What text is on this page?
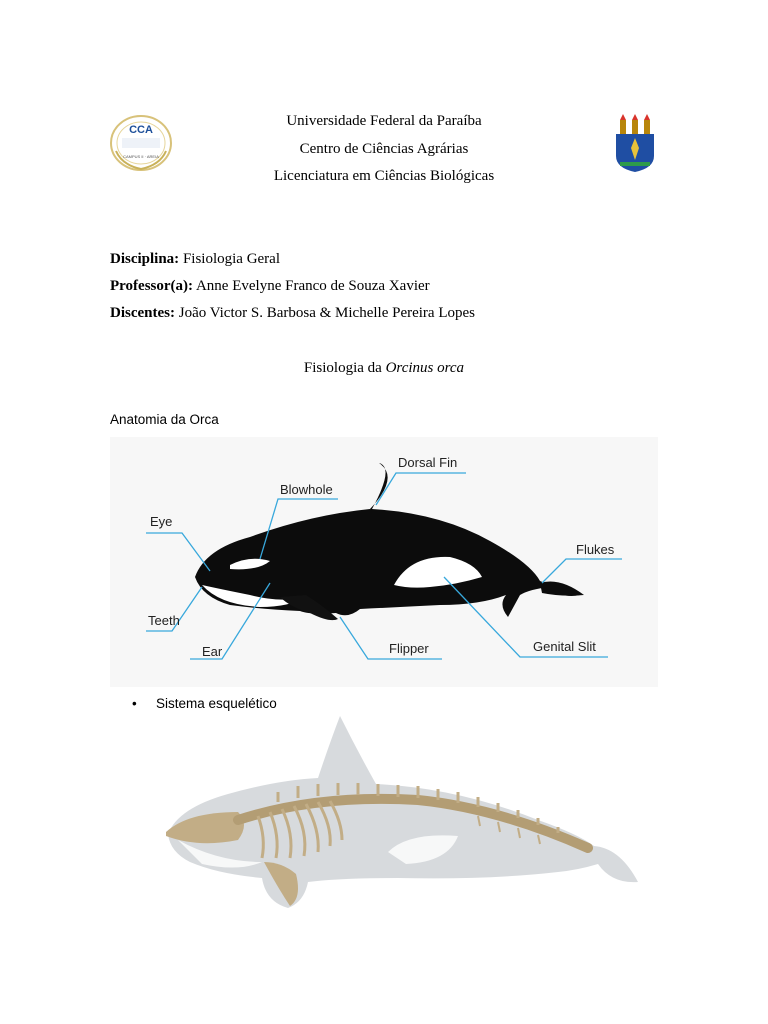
CCA
CAMPUS II · AREIA
Universidade Federal da Paraíba
Centro de Ciências Agrárias
Licenciatura em Ciências Biológicas
Disciplina: Fisiologia Geral
Professor(a): Anne Evelyne Franco de Souza Xavier
Discentes: João Victor S. Barbosa & Michelle Pereira Lopes
Fisiologia da Orcinus orca
Anatomia da Orca
Dorsal Fin
Blowhole
Eye
Flukes
Teeth
Ear	Flipper	Genital Slit
• Sistema esquelético
